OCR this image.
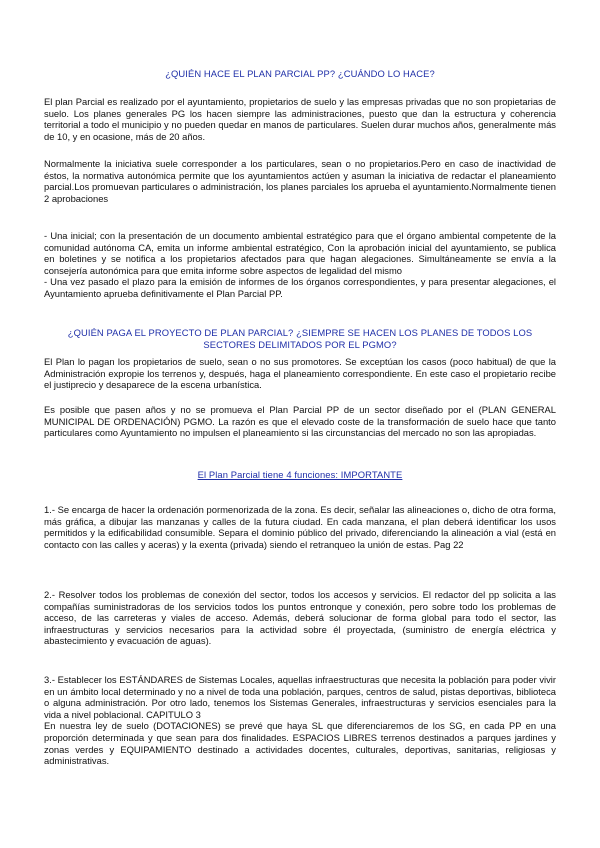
¿QUIÉN HACE EL PLAN PARCIAL PP? ¿CUÁNDO LO HACE?
El plan Parcial es realizado por el ayuntamiento, propietarios de suelo y las empresas privadas que no son propietarias de suelo. Los planes generales PG los hacen siempre las administraciones, puesto que dan la estructura y coherencia territorial a todo el municipio y no pueden quedar en manos de particulares. Suelen durar muchos años, generalmente más de 10, y en ocasione, más de 20 años.
Normalmente la iniciativa suele corresponder a los particulares, sean o no propietarios.Pero en caso de inactividad de éstos, la normativa autonómica permite que los ayuntamientos actúen y asuman la iniciativa de redactar el planeamiento parcial.Los promuevan particulares o administración, los planes parciales los aprueba el ayuntamiento.Normalmente tienen 2 aprobaciones
- Una inicial; con la presentación de un documento ambiental estratégico para que el órgano ambiental competente de la comunidad autónoma CA, emita un informe ambiental estratégico, Con la aprobación inicial del ayuntamiento, se publica en boletines y se notifica a los propietarios afectados para que hagan alegaciones. Simultáneamente se envía a la consejería autonómica para que emita informe sobre aspectos de legalidad del mismo
- Una vez pasado el plazo para la emisión de informes de los órganos correspondientes, y para presentar alegaciones, el Ayuntamiento aprueba definitivamente el Plan Parcial PP.
¿QUIÉN PAGA EL PROYECTO DE PLAN PARCIAL? ¿SIEMPRE SE HACEN LOS PLANES DE TODOS LOS SECTORES DELIMITADOS POR EL PGMO?
El Plan lo pagan los propietarios de suelo, sean o no sus promotores. Se exceptúan los casos (poco habitual) de que la Administración expropie los terrenos y, después, haga el planeamiento correspondiente. En este caso el propietario recibe el justiprecio y desaparece de la escena urbanística.
Es posible que pasen años y no se promueva el Plan Parcial PP de un sector diseñado por el (PLAN GENERAL MUNICIPAL DE ORDENACIÓN) PGMO. La razón es que el elevado coste de la transformación de suelo hace que tanto particulares como Ayuntamiento no impulsen el planeamiento si las circunstancias del mercado no son las apropiadas.
El Plan Parcial tiene 4 funciones: IMPORTANTE
1.- Se encarga de hacer la ordenación pormenorizada de la zona. Es decir, señalar las alineaciones o, dicho de otra forma, más gráfica, a dibujar las manzanas y calles de la futura ciudad. En cada manzana, el plan deberá identificar los usos permitidos y la edificabilidad consumible. Separa el dominio público del privado, diferenciando la alineación a vial (está en contacto con las calles y aceras) y la exenta (privada) siendo el retranqueo la unión de estas. Pag 22
2.- Resolver todos los problemas de conexión del sector, todos los accesos y servicios. El redactor del pp solicita a las compañías suministradoras de los servicios todos los puntos entronque y conexión, pero sobre todo los problemas de acceso, de las carreteras y viales de acceso. Además, deberá solucionar de forma global para todo el sector, las infraestructuras y servicios necesarios para la actividad sobre él proyectada, (suministro de energía eléctrica y abastecimiento y evacuación de aguas).
3.- Establecer los ESTÁNDARES de Sistemas Locales, aquellas infraestructuras que necesita la población para poder vivir en un ámbito local determinado y no a nivel de toda una población, parques, centros de salud, pistas deportivas, biblioteca o alguna administración. Por otro lado, tenemos los Sistemas Generales, infraestructuras y servicios esenciales para la vida a nivel poblacional. CAPITULO 3
En nuestra ley de suelo (DOTACIONES) se prevé que haya SL que diferenciaremos de los SG, en cada PP en una proporción determinada y que sean para dos finalidades. ESPACIOS LIBRES terrenos destinados a parques jardines y zonas verdes y EQUIPAMIENTO destinado a actividades docentes, culturales, deportivas, sanitarias, religiosas y administrativas.
